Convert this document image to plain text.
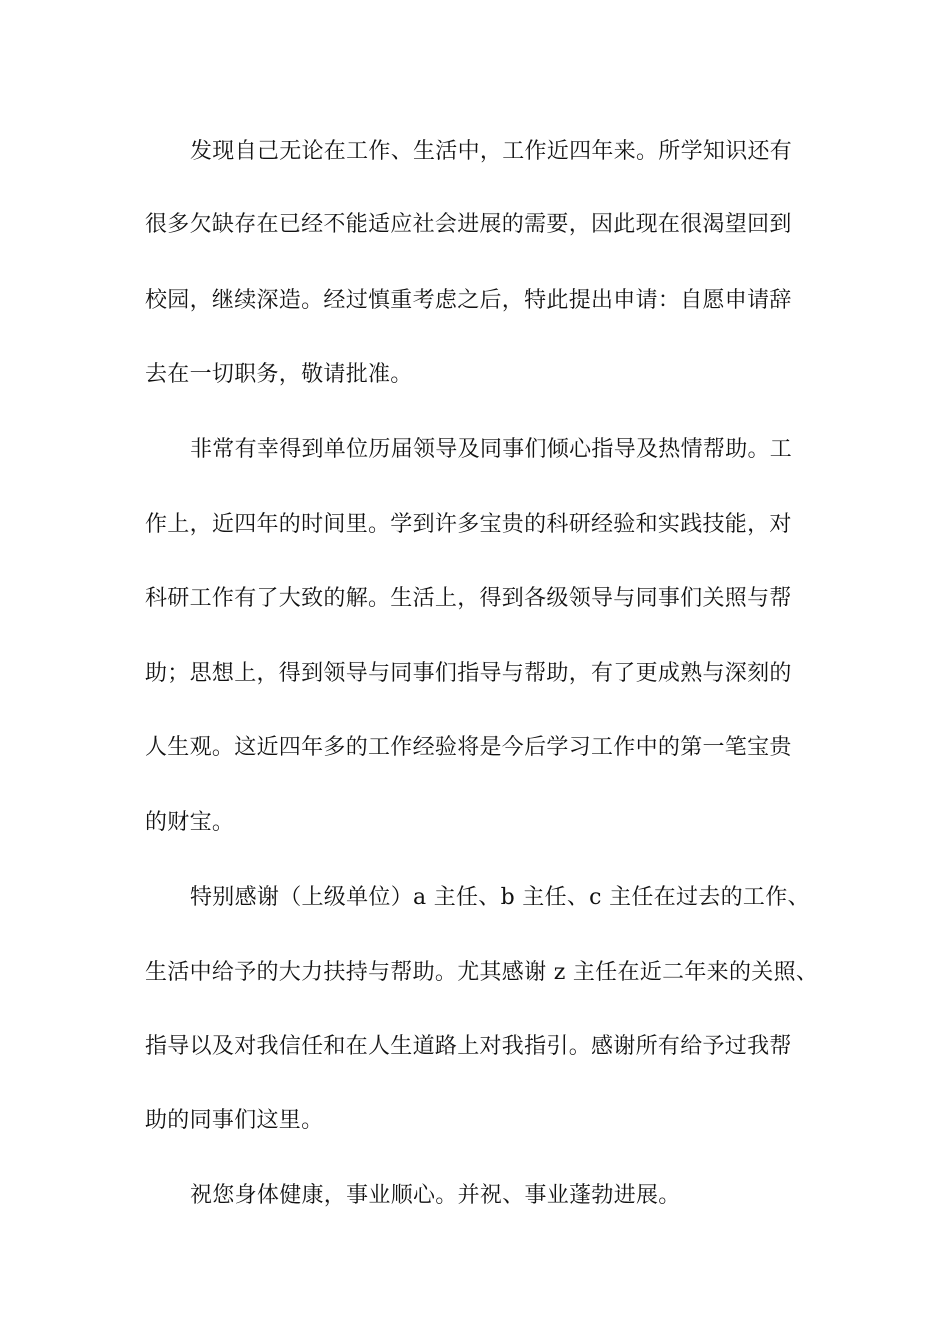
发现自己无论在工作、生活中，工作近四年来。所学知识还有
很多欠缺存在已经不能适应社会进展的需要，因此现在很渴望回到
校园，继续深造。经过慎重考虑之后，特此提出申请：自愿申请辞
去在一切职务，敬请批准。
非常有幸得到单位历届领导及同事们倾心指导及热情帮助。工
作上，近四年的时间里。学到许多宝贵的科研经验和实践技能，对
科研工作有了大致的解。生活上，得到各级领导与同事们关照与帮
助；思想上，得到领导与同事们指导与帮助，有了更成熟与深刻的
人生观。这近四年多的工作经验将是今后学习工作中的第一笔宝贵
的财宝。
特别感谢（上级单位）a 主任、b 主任、c 主任在过去的工作、
生活中给予的大力扶持与帮助。尤其感谢 z 主任在近二年来的关照、
指导以及对我信任和在人生道路上对我指引。感谢所有给予过我帮
助的同事们这里。
祝您身体健康，事业顺心。并祝、事业蓬勃进展。
